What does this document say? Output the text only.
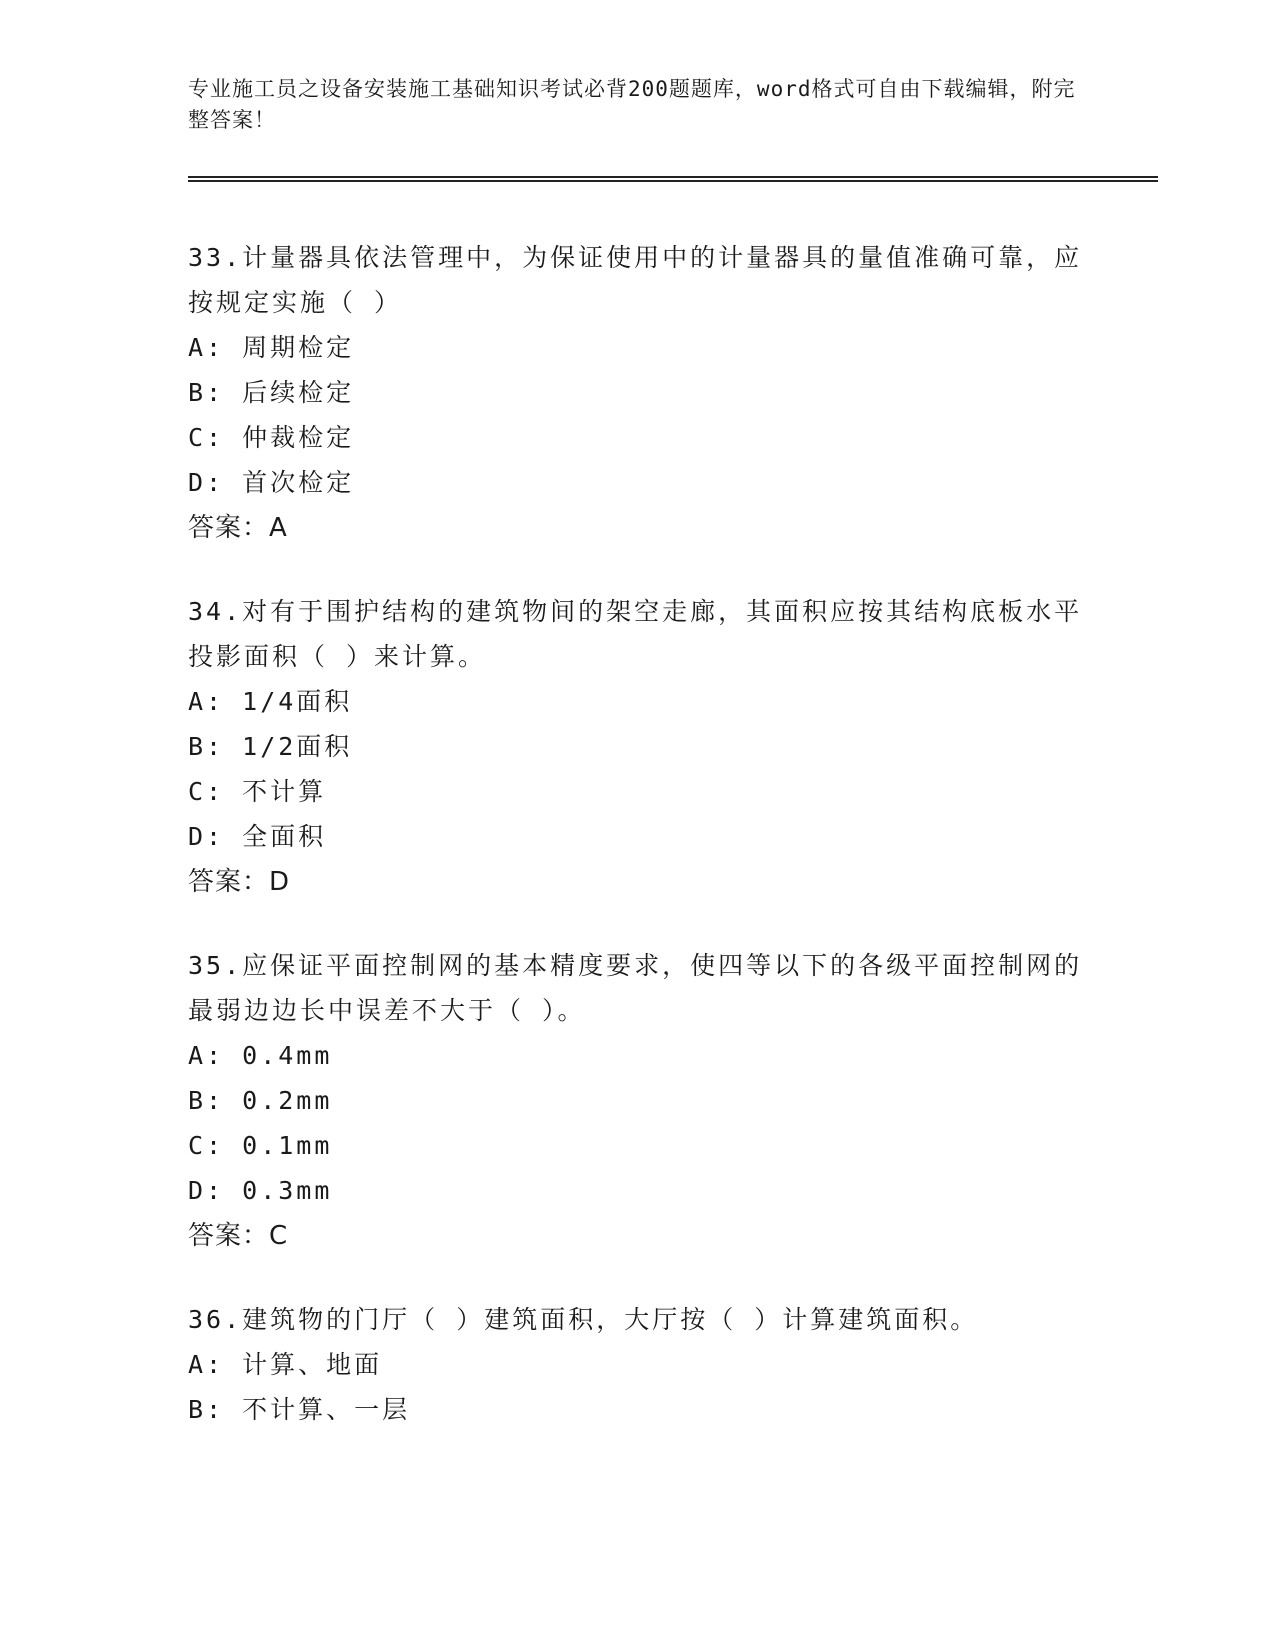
专业施工员之设备安装施工基础知识考试必背200题题库，word格式可自由下载编辑，附完整答案！

33.计量器具依法管理中，为保证使用中的计量器具的量值准确可靠，应按规定实施（ ）

A: 周期检定

B: 后续检定

C: 仲裁检定

D: 首次检定

答案：A

34.对有于围护结构的建筑物间的架空走廊，其面积应按其结构底板水平投影面积（ ）来计算。

A: 1/4面积

B: 1/2面积

C: 不计算

D: 全面积

答案：D

35.应保证平面控制网的基本精度要求，使四等以下的各级平面控制网的最弱边边长中误差不大于（ ）。

A: 0.4mm

B: 0.2mm

C: 0.1mm

D: 0.3mm

答案：C

36.建筑物的门厅（ ）建筑面积，大厅按（ ）计算建筑面积。

A: 计算、地面

B: 不计算、一层
